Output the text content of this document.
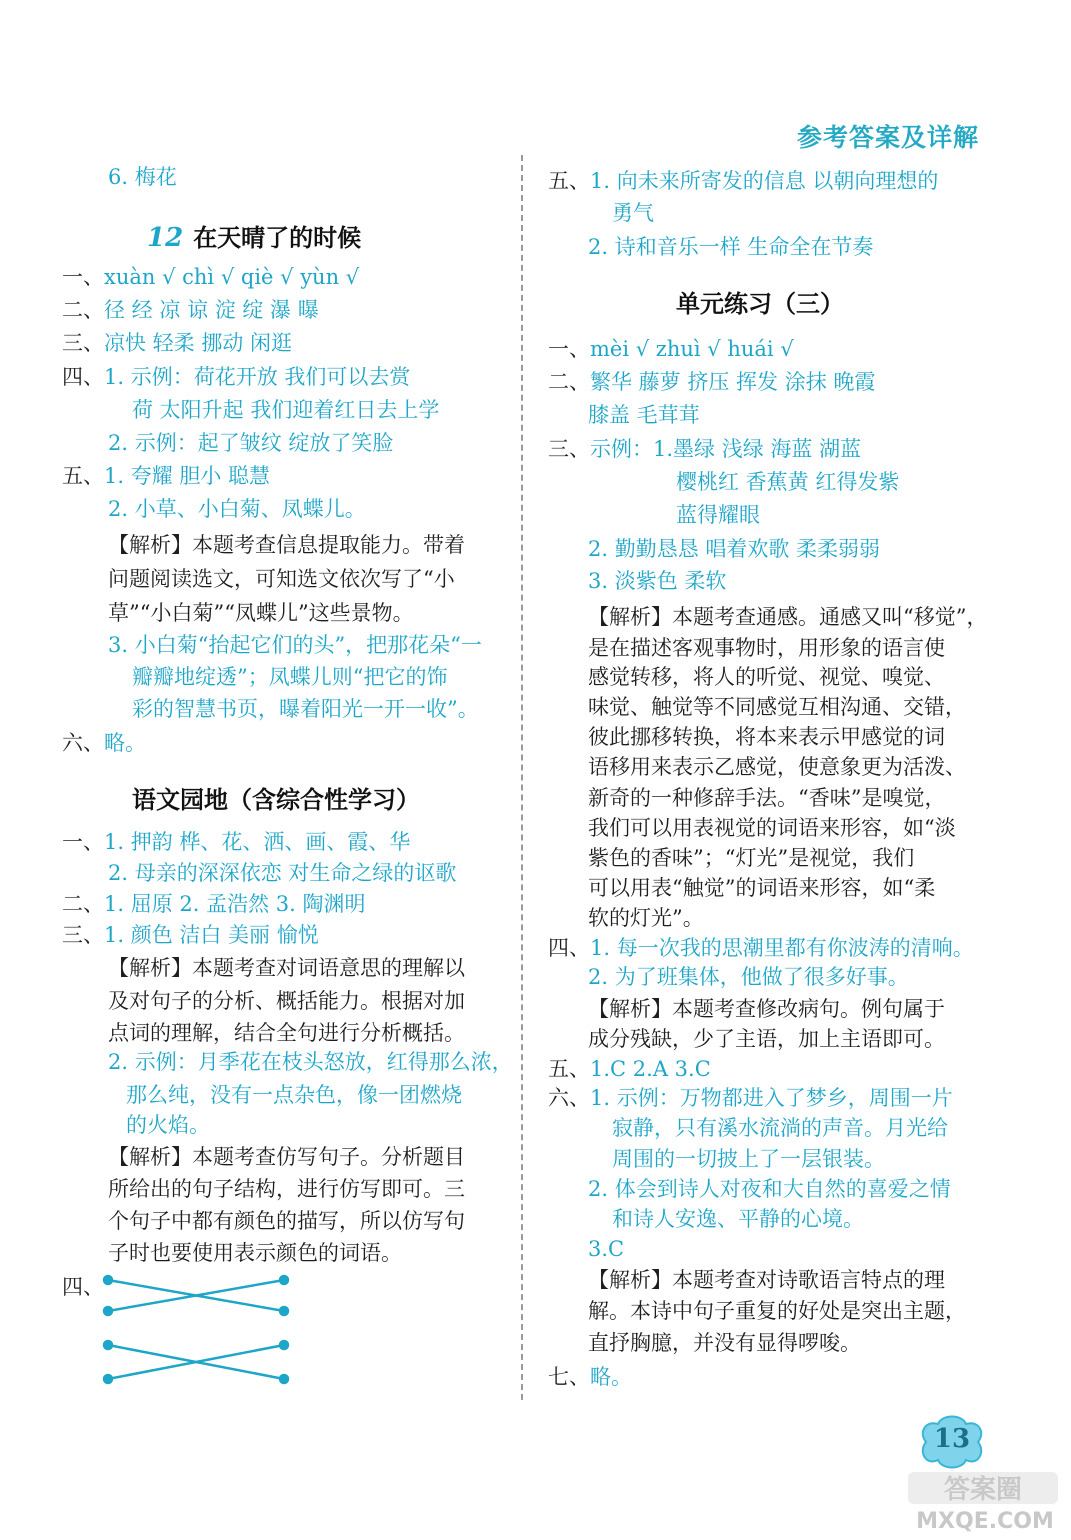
参考答案及详解
6. 梅花
12 在天晴了的时候
一、xuàn √ chì √ qiè √ yùn √
二、径 经 凉 谅 淀 绽 瀑 曝
三、凉快 轻柔 挪动 闲逛
四、1. 示例：荷花开放 我们可以去赏
荷 太阳升起 我们迎着红日去上学
2. 示例：起了皱纹 绽放了笑脸
五、1. 夸耀 胆小 聪慧
2. 小草、小白菊、凤蝶儿。
【解析】本题考查信息提取能力。带着
问题阅读选文，可知选文依次写了“小
草”“小白菊”“凤蝶儿”这些景物。
3. 小白菊“抬起它们的头”，把那花朵“一
瓣瓣地绽透”；凤蝶儿则“把它的饰
彩的智慧书页，曝着阳光一开一收”。
六、略。
语文园地（含综合性学习）
一、1. 押韵 桦、花、洒、画、霞、华
2. 母亲的深深依恋 对生命之绿的讴歌
二、1. 屈原 2. 孟浩然 3. 陶渊明
三、1. 颜色 洁白 美丽 愉悦
【解析】本题考查对词语意思的理解以
及对句子的分析、概括能力。根据对加
点词的理解，结合全句进行分析概括。
2. 示例：月季花在枝头怒放，红得那么浓，
那么纯，没有一点杂色，像一团燃烧
的火焰。
【解析】本题考查仿写句子。分析题目
所给出的句子结构，进行仿写即可。三
个句子中都有颜色的描写，所以仿写句
子时也要使用表示颜色的词语。
四、
五、1. 向未来所寄发的信息 以朝向理想的
勇气
2. 诗和音乐一样 生命全在节奏
单元练习（三）
一、mèi √ zhuì √ huái √
二、繁华 藤萝 挤压 挥发 涂抹 晚霞
膝盖 毛茸茸
三、示例：1.墨绿 浅绿 海蓝 湖蓝
樱桃红 香蕉黄 红得发紫
蓝得耀眼
2. 勤勤恳恳 唱着欢歌 柔柔弱弱
3. 淡紫色 柔软
【解析】本题考查通感。通感又叫“移觉”，
是在描述客观事物时，用形象的语言使
感觉转移，将人的听觉、视觉、嗅觉、
味觉、触觉等不同感觉互相沟通、交错，
彼此挪移转换，将本来表示甲感觉的词
语移用来表示乙感觉，使意象更为活泼、
新奇的一种修辞手法。“香味”是嗅觉，
我们可以用表视觉的词语来形容，如“淡
紫色的香味”；“灯光”是视觉，我们
可以用表“触觉”的词语来形容，如“柔
软的灯光”。
四、1. 每一次我的思潮里都有你波涛的清响。
2. 为了班集体，他做了很多好事。
【解析】本题考查修改病句。例句属于
成分残缺，少了主语，加上主语即可。
五、1.C 2.A 3.C
六、1. 示例：万物都进入了梦乡，周围一片
寂静，只有溪水流淌的声音。月光给
周围的一切披上了一层银装。
2. 体会到诗人对夜和大自然的喜爱之情
和诗人安逸、平静的心境。
3.C
【解析】本题考查对诗歌语言特点的理
解。本诗中句子重复的好处是突出主题，
直抒胸臆，并没有显得啰唆。
七、略。
13
答案圈
MXQE.COM
